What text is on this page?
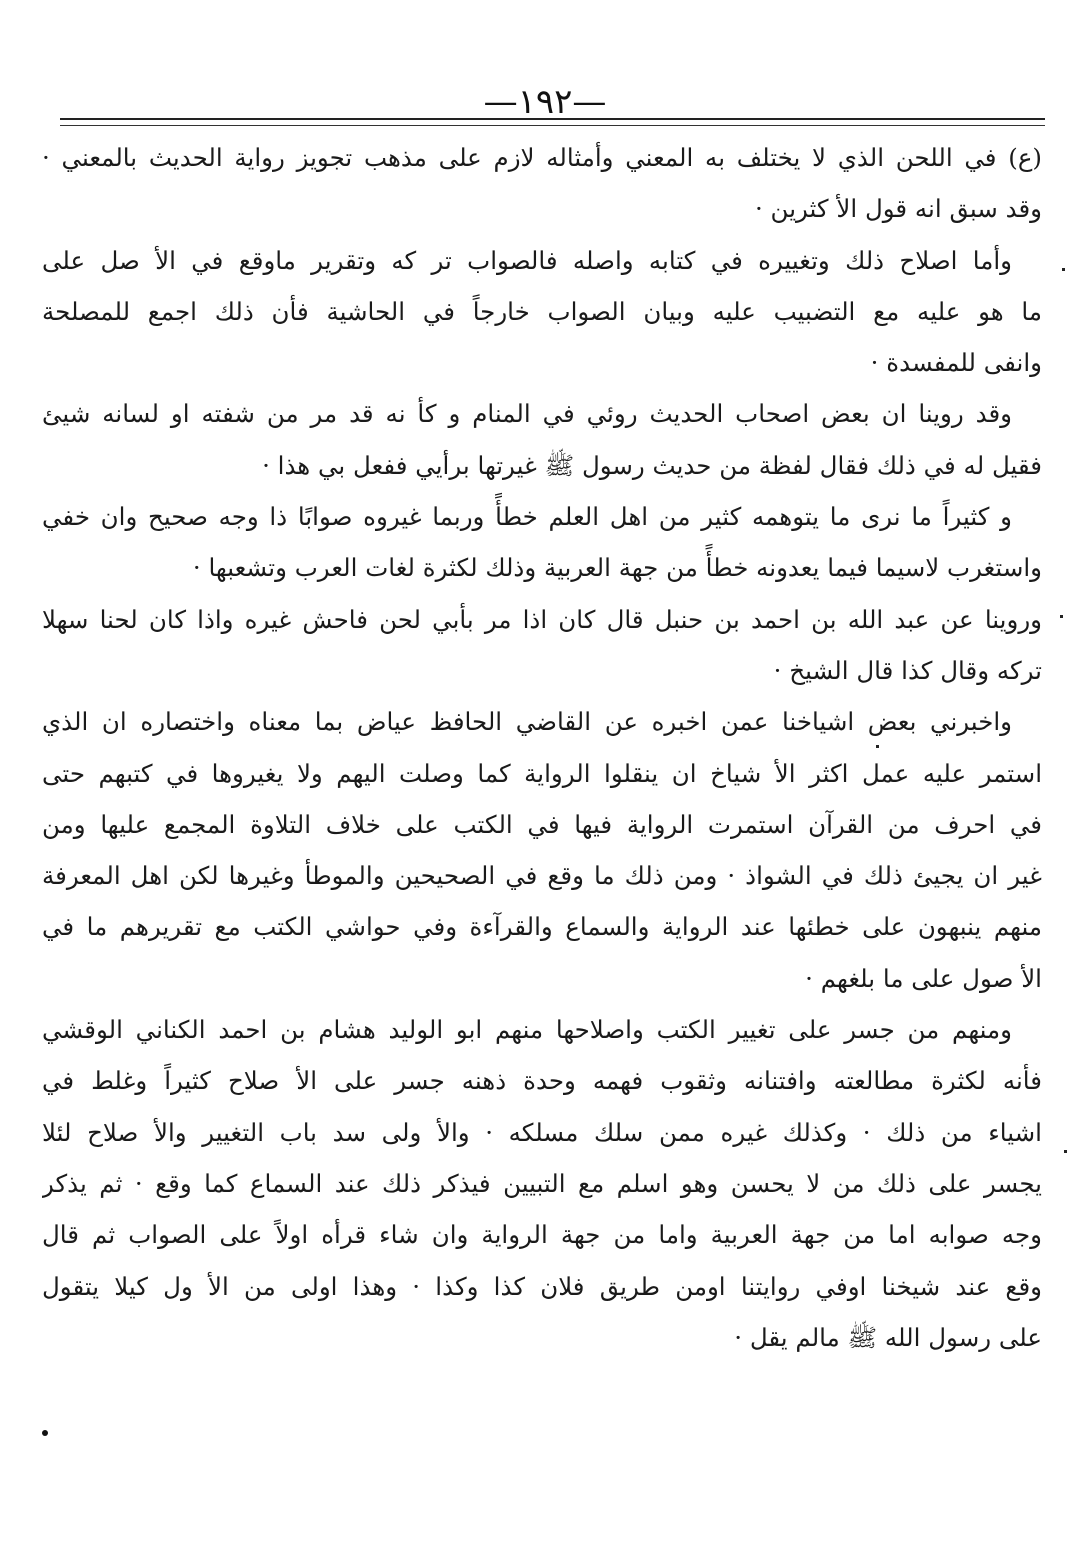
—١٩٢—
(ع) في اللحن الذي لا يختلف به المعني وأمثاله لازم على مذهب تجويز رواية الحديث بالمعني ·
وقد سبق انه قول الأ كثرين ·
وأما اصلاح ذلك وتغييره في كتابه واصله فالصواب تر كه وتقرير ماوقع في الأ صل على
ما هو عليه مع التضبيب عليه وبيان الصواب خارجاً في الحاشية فأن ذلك اجمع للمصلحة
وانفى للمفسدة ·
وقد روينا ان بعض اصحاب الحديث روئي في المنام و كأ نه قد مر من شفته او لسانه شيئ
فقيل له في ذلك فقال لفظة من حديث رسول ﷺ غيرتها برأيي ففعل بي هذا ·
و كثيراً ما نرى ما يتوهمه كثير من اهل العلم خطأً وربما غيروه صوابًا ذا وجه صحيح وان خفي
واستغرب لاسيما فيما يعدونه خطأً من جهة العربية وذلك لكثرة لغات العرب وتشعبها ·
وروينا عن عبد الله بن احمد بن حنبل قال كان اذا مر بأبي لحن فاحش غيره واذا كان لحنا سهلا
تركه وقال كذا قال الشيخ ·
واخبرني بعض اشياخنا عمن اخبره عن القاضي الحافظ عياض بما معناه واختصاره ان الذي
استمر عليه عمل اكثر الأ شياخ ان ينقلوا الرواية كما وصلت اليهم ولا يغيروها في كتبهم حتى
في احرف من القرآن استمرت الرواية فيها في الكتب على خلاف التلاوة المجمع عليها ومن
غير ان يجيئ ذلك في الشواذ · ومن ذلك ما وقع في الصحيحين والموطأ وغيرها لكن اهل المعرفة
منهم ينبهون على خطئها عند الرواية والسماع والقرآءة وفي حواشي الكتب مع تقريرهم ما في
الأ صول على ما بلغهم ·
ومنهم من جسر على تغيير الكتب واصلاحها منهم ابو الوليد هشام بن احمد الكناني الوقشي
فأنه لكثرة مطالعته وافتنانه وثقوب فهمه وحدة ذهنه جسر على الأ صلاح كثيراً وغلط في
اشياء من ذلك · وكذلك غيره ممن سلك مسلكه · والأ ولى سد باب التغيير والأ صلاح لئلا
يجسر على ذلك من لا يحسن وهو اسلم مع التبيين فيذكر ذلك عند السماع كما وقع · ثم يذكر
وجه صوابه اما من جهة العربية واما من جهة الرواية وان شاء قرأه اولاً على الصواب ثم قال
وقع عند شيخنا اوفي روايتنا اومن طريق فلان كذا وكذا · وهذا اولى من الأ ول كيلا يتقول
على رسول الله ﷺ مالم يقل ·
